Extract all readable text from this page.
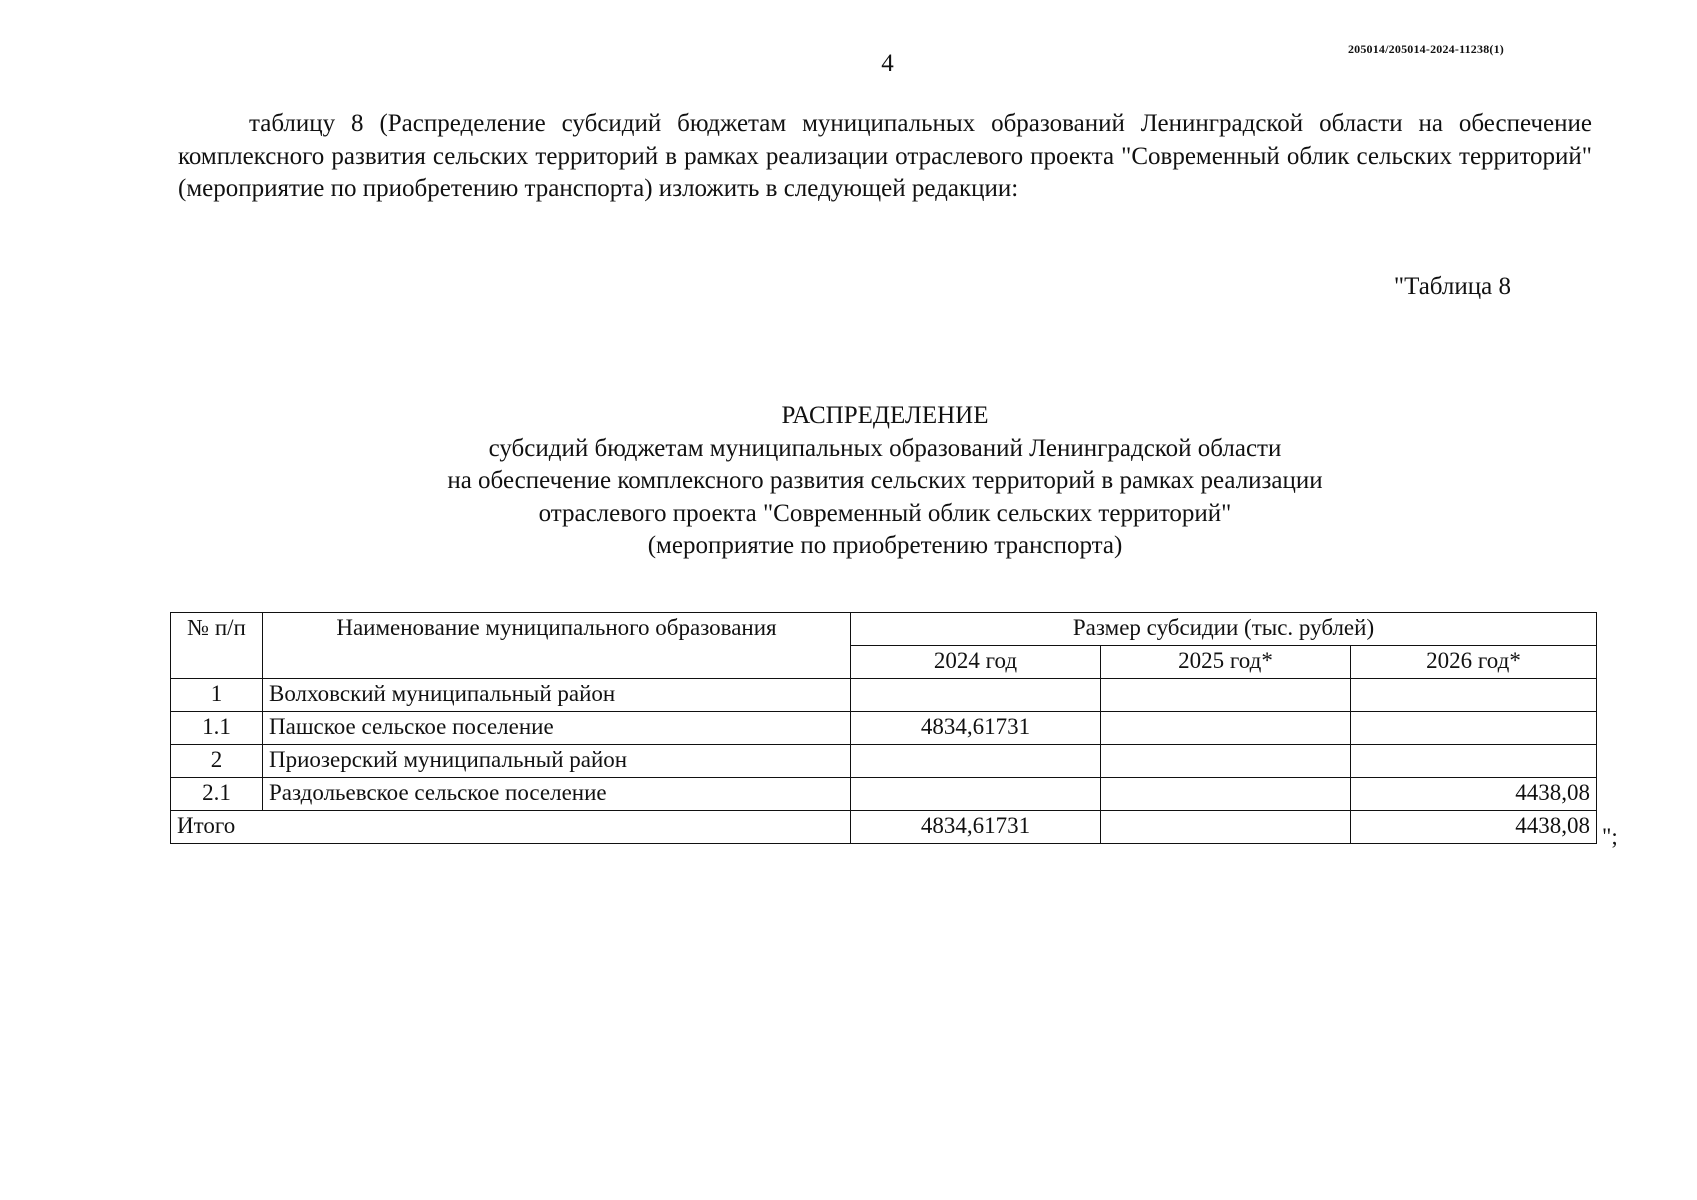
4
205014/205014-2024-11238(1)

таблицу 8 (Распределение субсидий бюджетам муниципальных образований Ленинградской области на обеспечение комплексного развития сельских территорий в рамках реализации отраслевого проекта "Современный облик сельских территорий" (мероприятие по приобретению транспорта) изложить в следующей редакции:

"Таблица 8
РАСПРЕДЕЛЕНИЕ
субсидий бюджетам муниципальных образований Ленинградской области
на обеспечение комплексного развития сельских территорий в рамках реализации
отраслевого проекта "Современный облик сельских территорий"
(мероприятие по приобретению транспорта)
№ п/п	Наименование муниципального образования	Размер субсидии (тыс. рублей)		
		2024 год	2025 год*	2026 год*
1	Волховский муниципальный район			
1.1	Пашское сельское поселение	4834,61731		
2	Приозерский муниципальный район			
2.1	Раздольевское сельское поселение			4438,08
Итого		4834,61731		4438,08 ";
